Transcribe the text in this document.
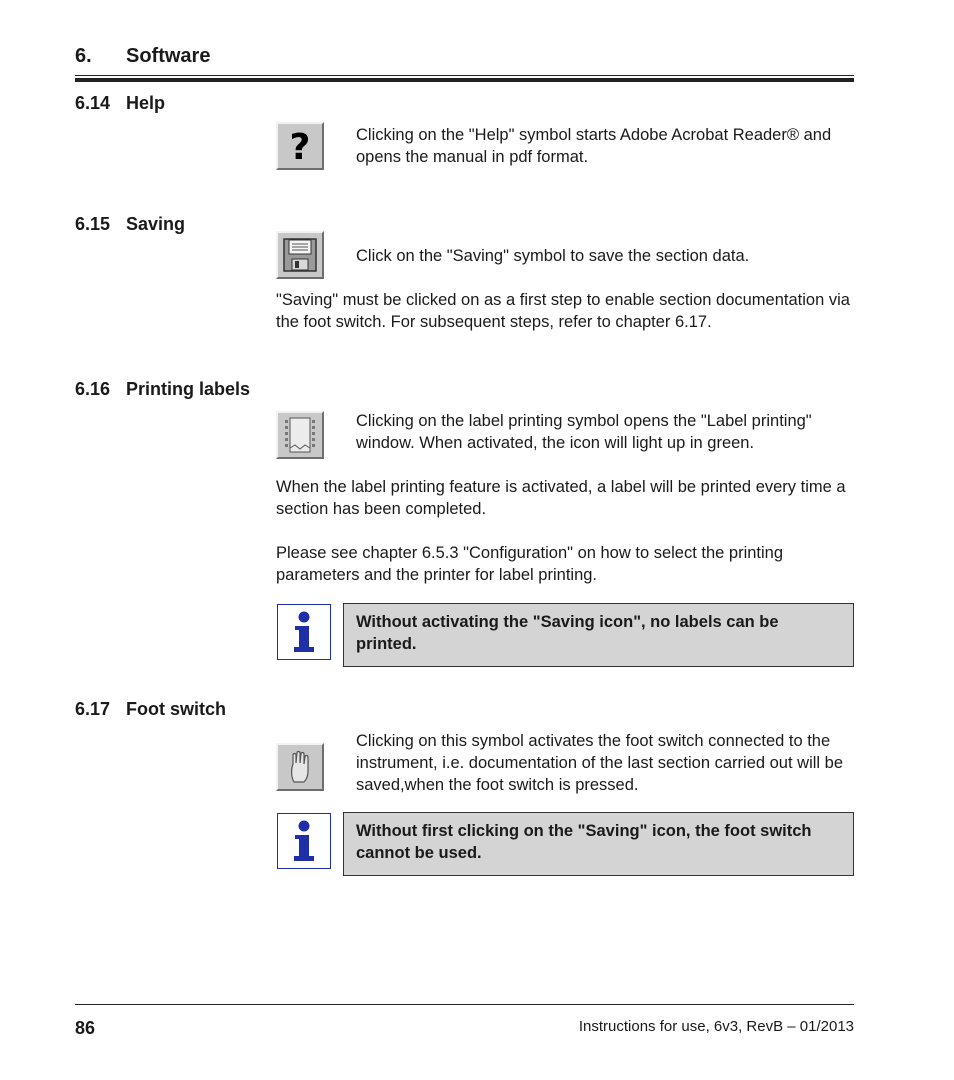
6. Software
6.14 Help
?	Clicking on the "Help" symbol starts Adobe Acrobat Reader® and opens the manual in pdf format.
6.15 Saving
Click on the "Saving" symbol to save the section data.
"Saving" must be clicked on as a first step to enable section documentation via the foot switch. For subsequent steps, refer to chapter 6.17.
6.16 Printing labels
Clicking on the label printing symbol opens the "Label printing" window. When activated, the icon will light up in green.
When the label printing feature is activated, a label will be printed every time a section has been completed.
Please see chapter 6.5.3 "Configuration" on how to select the printing parameters and the printer for label printing.
Without activating the "Saving icon", no labels can be printed.
6.17 Foot switch
Clicking on this symbol activates the foot switch connected to the instrument, i.e. documentation of the last section carried out will be saved,when the foot switch is pressed.
Without first clicking on the "Saving" icon, the foot switch cannot be used.
86	Instructions for use, 6v3, RevB – 01/2013
